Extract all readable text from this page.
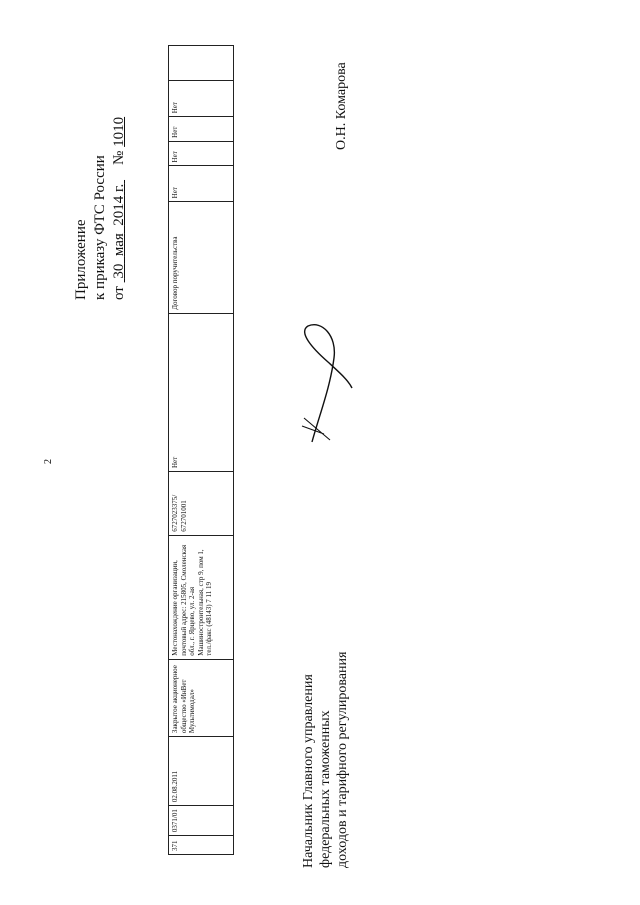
2
Приложение к приказу ФТС России от  30  мая  2014 г.     № 1010
371	0371/01	02.08.2011	Закрытое акционерное общество «ИнВет Мультимодал»	Местонахождение организации, почтовый адрес: 215805, Смоленская обл., г. Ярцево, ул. 2-ая Машиностроительная, стр 9, пом 1, тел./факс (48143) 7 11 19	6727023375/ 672701001	Нет	Договор поручительства	Нет	Нет	Нет	Нет	
Начальник Главного управления федеральных таможенных доходов и тарифного регулирования
О.Н. Комарова
